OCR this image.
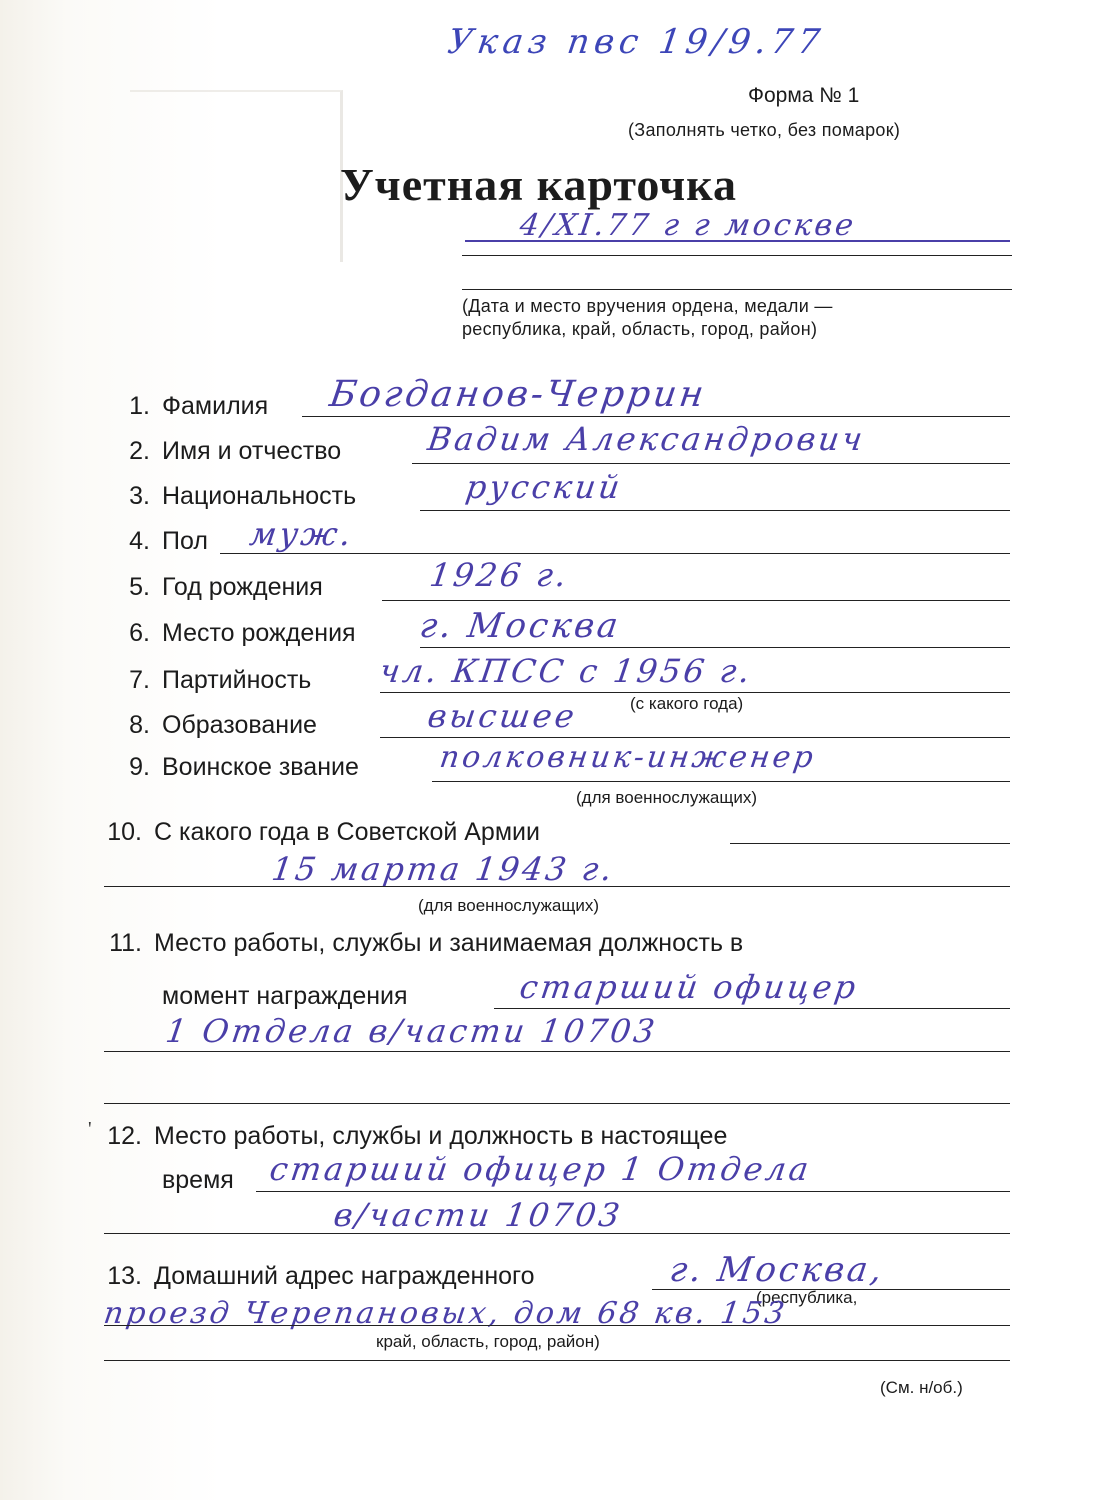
Указ пвс 19/9.77
Форма № 1
(Заполнять четко, без помарок)
Учетная карточка
4/XI.77 г г москве
(Дата и место вручения ордена, медали —
республика, край, область, город, район)
1. Фамилия Богданов-Черрин
2. Имя и отчество	Вадим Александрович
3. Национальность	русский
4. Пол муж.
5. Год рождения	1926 г.
6. Место рождения г. Москва
7. Партийность чл. КПСС с 1956 г.
(с какого года)
8. Образование	высшее
9. Воинское звание	полковник-инженер
(для военнослужащих)
10. С какого года в Советской Армии
15 марта 1943 г.
(для военнослужащих)
11. Место работы, службы и занимаемая должность в
момент награждения	старший офицер
1 Отдела в/части 10703
' 12. Место работы, службы и должность в настоящее
время старший офицер 1 Отдела
в/части 10703
13. Домашний адрес награжденного	г. Москва,
(республика,
проезд Черепановых, дом 68 кв. 153
край, область, город, район)
(См. н/об.)
